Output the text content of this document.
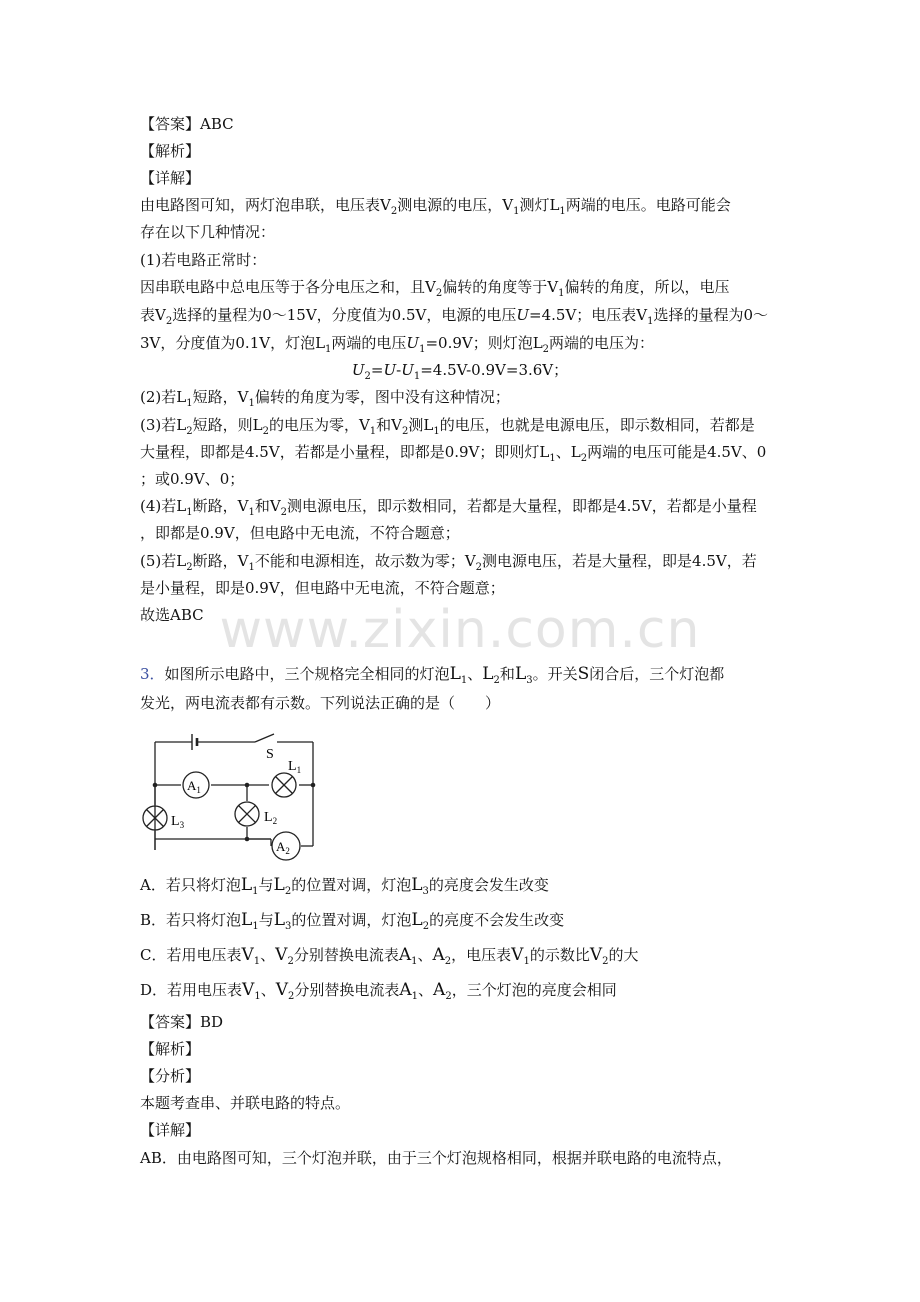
www.zixin.com.cn
【答案】ABC
【解析】
【详解】
由电路图可知，两灯泡串联，电压表$V_2$测电源的电压，$V_1$测灯$L_1$两端的电压。电路可能会
存在以下几种情况：
(1)若电路正常时：
因串联电路中总电压等于各分电压之和，且$V_2$偏转的角度等于$V_1$偏转的角度，所以，电压
表$V_2$选择的量程为0～15V，分度值为0.5V，电源的电压U=4.5V；电压表$V_1$选择的量程为0～
3V，分度值为0.1V，灯泡$L_1$两端的电压$U_1=0.9V$；则灯泡$L_2$两端的电压为：
$U_2=U-U_1=4.5V-0.9V=3.6V$；
(2)若$L_1$短路，$V_1$偏转的角度为零，图中没有这种情况；
(3)若$L_2$短路，则$L_2$的电压为零，$V_1$和$V_2$测$L_1$的电压，也就是电源电压，即示数相同，若都是
大量程，即都是4.5V，若都是小量程，即都是0.9V；即则灯$L_1$、$L_2$两端的电压可能是4.5V、0
；或0.9V、0；
(4)若$L_1$断路，$V_1$和$V_2$测电源电压，即示数相同，若都是大量程，即都是4.5V，若都是小量程
，即都是0.9V，但电路中无电流，不符合题意；
(5)若$L_2$断路，$V_1$不能和电源相连，故示数为零；$V_2$测电源电压，若是大量程，即是4.5V，若
是小量程，即是0.9V，但电路中无电流，不符合题意；
故选ABC
3．如图所示电路中，三个规格完全相同的灯泡$L_1$、$L_2$和$L_3$。开关S闭合后，三个灯泡都
发光，两电流表都有示数。下列说法正确的是（　　）
S
$A_1$
$A_2$
$L_1$
$L_2$
$L_3$
A．若只将灯泡$L_1$与$L_2$的位置对调，灯泡$L_3$的亮度会发生改变
B．若只将灯泡$L_1$与$L_3$的位置对调，灯泡$L_2$的亮度不会发生改变
C．若用电压表$V_1$、$V_2$分别替换电流表$A_1$、$A_2$，电压表$V_1$的示数比$V_2$的大
D．若用电压表$V_1$、$V_2$分别替换电流表$A_1$、$A_2$，三个灯泡的亮度会相同
【答案】BD
【解析】
【分析】
本题考查串、并联电路的特点。
【详解】
AB．由电路图可知，三个灯泡并联，由于三个灯泡规格相同，根据并联电路的电流特点，
